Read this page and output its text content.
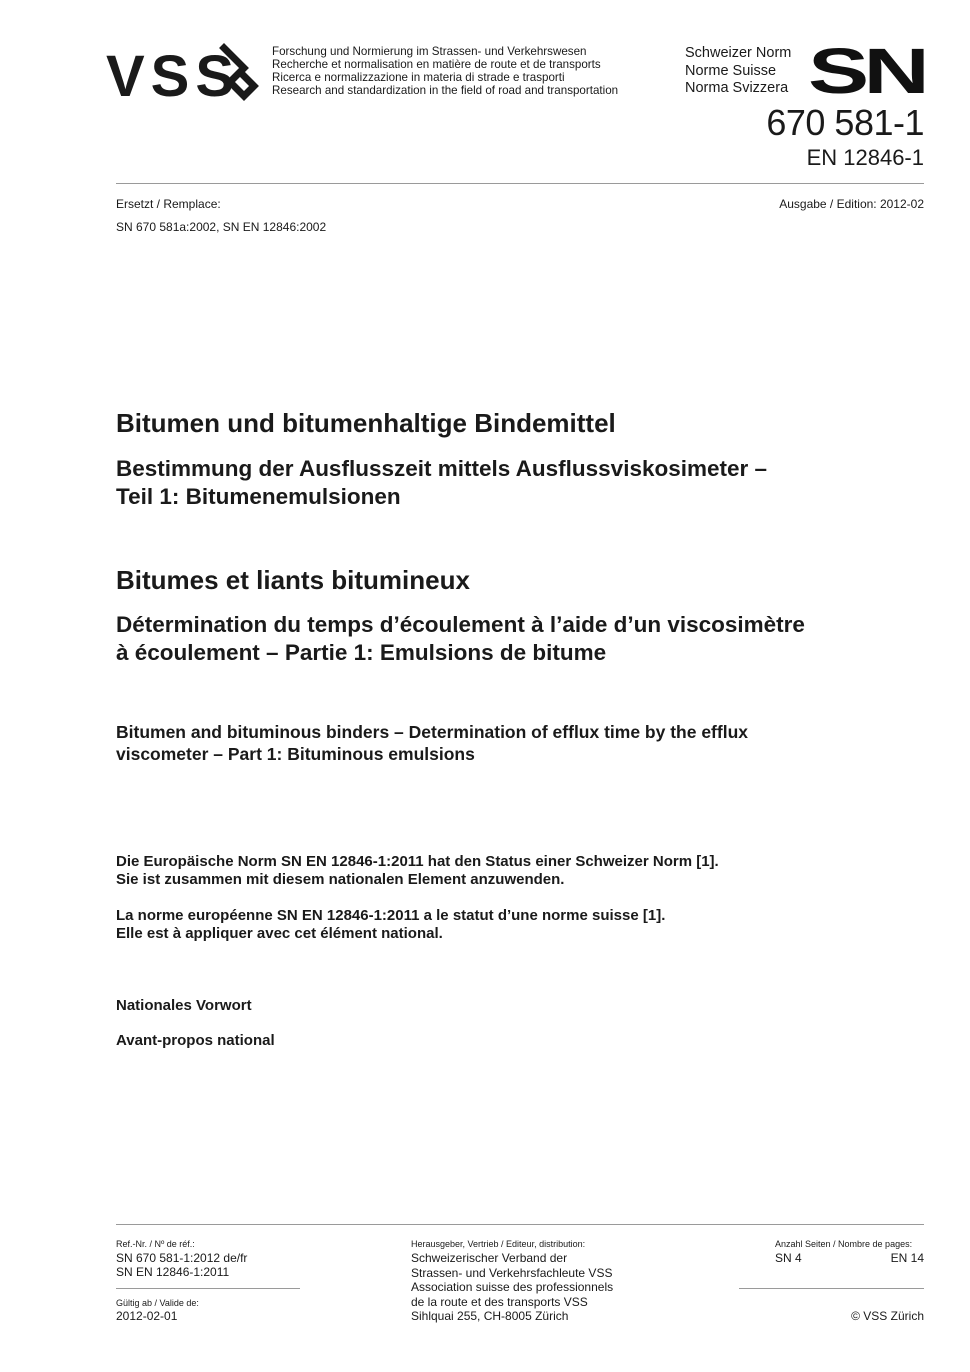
VSS	Forschung und Normierung im Strassen- und Verkehrswesen
Recherche et normalisation en matière de route et de transports
Ricerca e normalizzazione in materia di strade e trasporti
Research and standardization in the field of road and transportation
Schweizer Norm
Norme Suisse
Norma Svizzera SN
670 581-1
EN 12846-1
Ersetzt / Remplace:	Ausgabe / Edition: 2012-02
SN 670 581a:2002, SN EN 12846:2002
Bitumen und bitumenhaltige Bindemittel
Bestimmung der Ausflusszeit mittels Ausflussviskosimeter –
Teil 1: Bitumenemulsionen
Bitumes et liants bitumineux
Détermination du temps d’écoulement à l’aide d’un viscosimètre
à écoulement – Partie 1: Emulsions de bitume
Bitumen and bituminous binders – Determination of efflux time by the efflux
viscometer – Part 1: Bituminous emulsions
Die Europäische Norm SN EN 12846-1:2011 hat den Status einer Schweizer Norm [1].
Sie ist zusammen mit diesem nationalen Element anzuwenden.
La norme européenne SN EN 12846-1:2011 a le statut d’une norme suisse [1].
Elle est à appliquer avec cet élément national.
Nationales Vorwort
Avant-propos national
Ref.-Nr. / Nº de réf.:
SN 670 581-1:2012 de/fr
SN EN 12846-1:2011
Gültig ab / Valide de:
2012-02-01
Herausgeber, Vertrieb / Editeur, distribution:
Schweizerischer Verband der
Strassen- und Verkehrsfachleute VSS
Association suisse des professionnels
de la route et des transports VSS
Sihlquai 255, CH-8005 Zürich
Anzahl Seiten / Nombre de pages:
SN 4	EN 14
© VSS Zürich
